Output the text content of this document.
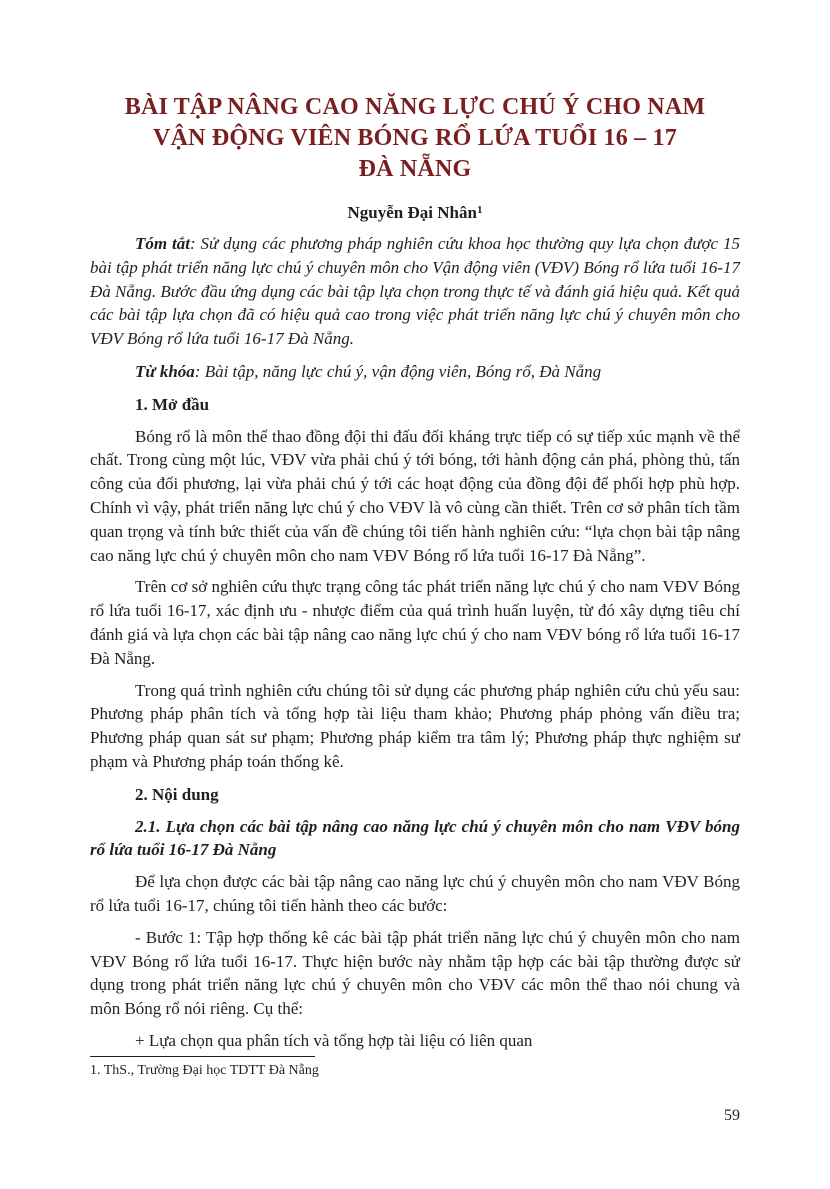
BÀI TẬP NÂNG CAO NĂNG LỰC CHÚ Ý CHO NAM
VẬN ĐỘNG VIÊN BÓNG RỔ LỨA TUỔI 16 – 17
ĐÀ NẴNG
Nguyễn Đại Nhân$^1$

Tóm tắt: Sử dụng các phương pháp nghiên cứu khoa học thường quy lựa chọn được 15 bài tập phát triển năng lực chú ý chuyên môn cho Vận động viên (VĐV) Bóng rổ lứa tuổi 16-17 Đà Nẵng. Bước đầu ứng dụng các bài tập lựa chọn trong thực tế và đánh giá hiệu quả. Kết quả các bài tập lựa chọn đã có hiệu quả cao trong việc phát triển năng lực chú ý chuyên môn cho VĐV Bóng rổ lứa tuổi 16-17 Đà Nẵng.

Từ khóa: Bài tập, năng lực chú ý, vận động viên, Bóng rổ, Đà Nẵng

1. Mở đầu

Bóng rổ là môn thể thao đồng đội thi đấu đối kháng trực tiếp có sự tiếp xúc mạnh về thể chất. Trong cùng một lúc, VĐV vừa phải chú ý tới bóng, tới hành động cản phá, phòng thủ, tấn công của đối phương, lại vừa phải chú ý tới các hoạt động của đồng đội để phối hợp phù hợp. Chính vì vậy, phát triển năng lực chú ý cho VĐV là vô cùng cần thiết. Trên cơ sở phân tích tầm quan trọng và tính bức thiết của vấn đề chúng tôi tiến hành nghiên cứu: “lựa chọn bài tập nâng cao năng lực chú ý chuyên môn cho nam VĐV Bóng rổ lứa tuổi 16-17 Đà Nẵng”.

Trên cơ sở nghiên cứu thực trạng công tác phát triển năng lực chú ý cho nam VĐV Bóng rổ lứa tuổi 16-17, xác định ưu - nhược điểm của quá trình huấn luyện, từ đó xây dựng tiêu chí đánh giá và lựa chọn các bài tập nâng cao năng lực chú ý cho nam VĐV bóng rổ lứa tuổi 16-17 Đà Nẵng.

Trong quá trình nghiên cứu chúng tôi sử dụng các phương pháp nghiên cứu chủ yếu sau: Phương pháp phân tích và tổng hợp tài liệu tham khảo; Phương pháp phỏng vấn điều tra; Phương pháp quan sát sư phạm; Phương pháp kiểm tra tâm lý; Phương pháp thực nghiệm sư phạm và Phương pháp toán thống kê.

2. Nội dung

2.1. Lựa chọn các bài tập nâng cao năng lực chú ý chuyên môn cho nam VĐV bóng rổ lứa tuổi 16-17 Đà Nẵng

Để lựa chọn được các bài tập nâng cao năng lực chú ý chuyên môn cho nam VĐV Bóng rổ lứa tuổi 16-17, chúng tôi tiến hành theo các bước:

- Bước 1: Tập hợp thống kê các bài tập phát triển năng lực chú ý chuyên môn cho nam VĐV Bóng rổ lứa tuổi 16-17. Thực hiện bước này nhằm tập hợp các bài tập thường được sử dụng trong phát triển năng lực chú ý chuyên môn cho VĐV các môn thể thao nói chung và môn Bóng rổ nói riêng. Cụ thể:

+ Lựa chọn qua phân tích và tổng hợp tài liệu có liên quan

1. ThS., Trường Đại học TDTT Đà Nẵng
59
